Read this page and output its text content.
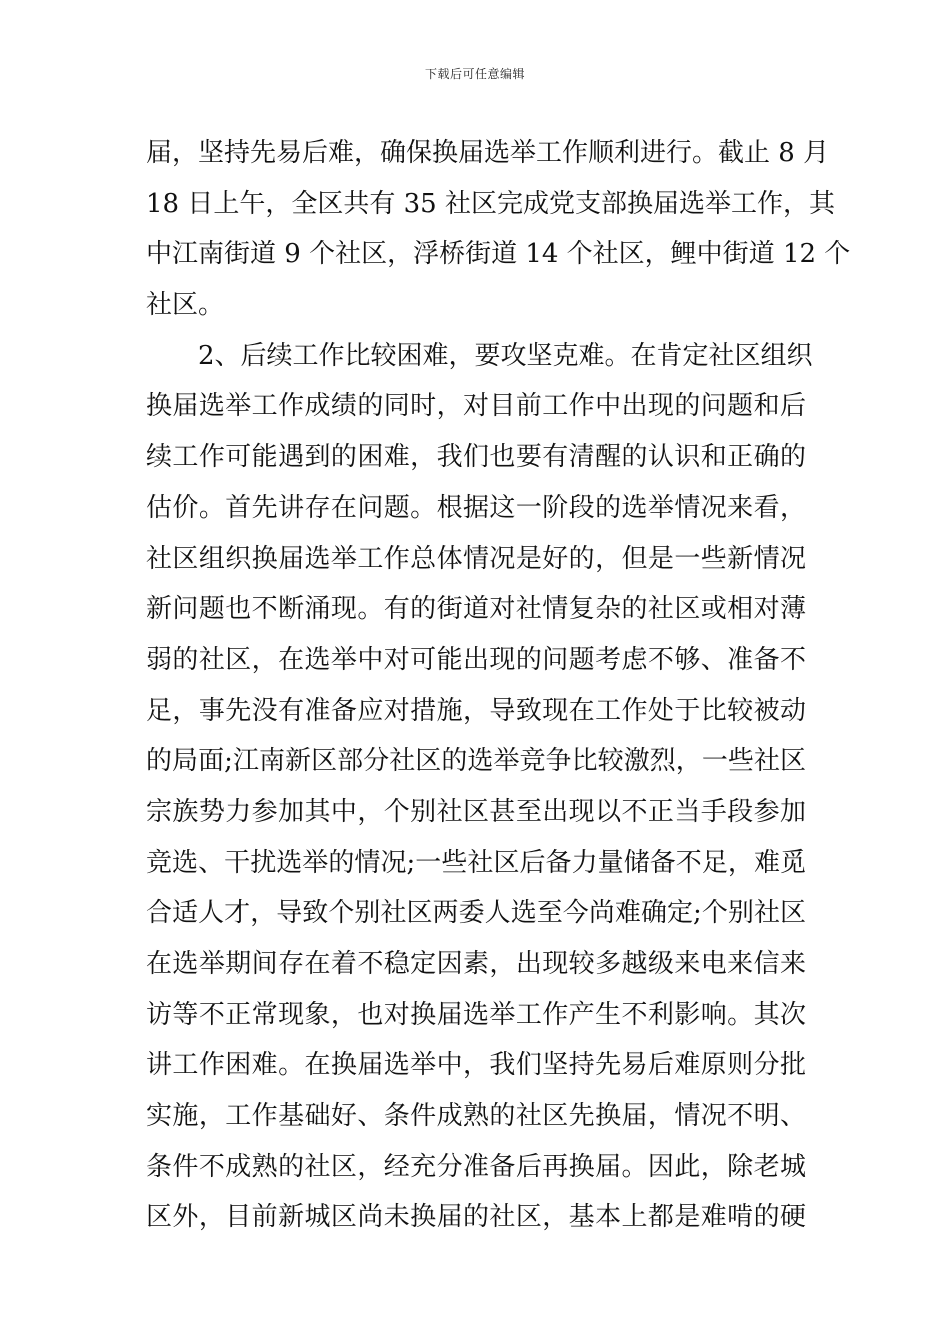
下载后可任意编辑
届，坚持先易后难，确保换届选举工作顺利进行。截止 8 月
18 日上午，全区共有 35 社区完成党支部换届选举工作，其
中江南街道 9 个社区，浮桥街道 14 个社区，鲤中街道 12 个
社区。
2、后续工作比较困难，要攻坚克难。在肯定社区组织
换届选举工作成绩的同时，对目前工作中出现的问题和后
续工作可能遇到的困难，我们也要有清醒的认识和正确的
估价。首先讲存在问题。根据这一阶段的选举情况来看，
社区组织换届选举工作总体情况是好的，但是一些新情况
新问题也不断涌现。有的街道对社情复杂的社区或相对薄
弱的社区，在选举中对可能出现的问题考虑不够、准备不
足，事先没有准备应对措施，导致现在工作处于比较被动
的局面;江南新区部分社区的选举竞争比较激烈，一些社区
宗族势力参加其中，个别社区甚至出现以不正当手段参加
竞选、干扰选举的情况;一些社区后备力量储备不足，难觅
合适人才，导致个别社区两委人选至今尚难确定;个别社区
在选举期间存在着不稳定因素，出现较多越级来电来信来
访等不正常现象，也对换届选举工作产生不利影响。其次
讲工作困难。在换届选举中，我们坚持先易后难原则分批
实施，工作基础好、条件成熟的社区先换届，情况不明、
条件不成熟的社区，经充分准备后再换届。因此，除老城
区外，目前新城区尚未换届的社区，基本上都是难啃的硬
